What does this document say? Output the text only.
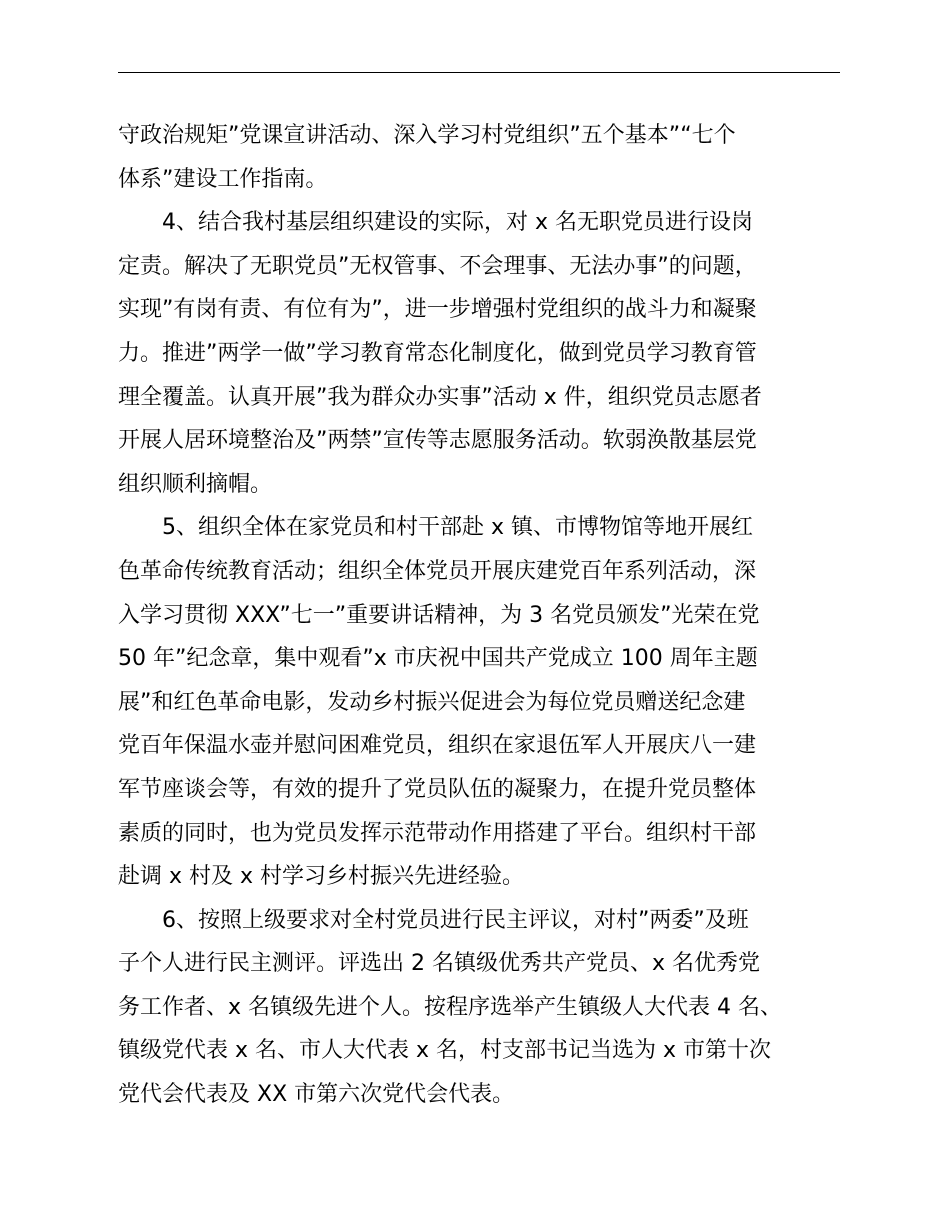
守政治规矩”党课宣讲活动、深入学习村党组织”五个基本”“七个
体系”建设工作指南。
　　4、结合我村基层组织建设的实际，对 x 名无职党员进行设岗
定责。解决了无职党员”无权管事、不会理事、无法办事”的问题，
实现”有岗有责、有位有为”，进一步增强村党组织的战斗力和凝聚
力。推进”两学一做”学习教育常态化制度化，做到党员学习教育管
理全覆盖。认真开展”我为群众办实事”活动 x 件，组织党员志愿者
开展人居环境整治及”两禁”宣传等志愿服务活动。软弱涣散基层党
组织顺利摘帽。
　　5、组织全体在家党员和村干部赴 x 镇、市博物馆等地开展红
色革命传统教育活动；组织全体党员开展庆建党百年系列活动，深
入学习贯彻 XXX”七一”重要讲话精神，为 3 名党员颁发”光荣在党
50 年”纪念章，集中观看”x 市庆祝中国共产党成立 100 周年主题
展”和红色革命电影，发动乡村振兴促进会为每位党员赠送纪念建
党百年保温水壶并慰问困难党员，组织在家退伍军人开展庆八一建
军节座谈会等，有效的提升了党员队伍的凝聚力，在提升党员整体
素质的同时，也为党员发挥示范带动作用搭建了平台。组织村干部
赴调 x 村及 x 村学习乡村振兴先进经验。
　　6、按照上级要求对全村党员进行民主评议，对村”两委”及班
子个人进行民主测评。评选出 2 名镇级优秀共产党员、x 名优秀党
务工作者、x 名镇级先进个人。按程序选举产生镇级人大代表 4 名、
镇级党代表 x 名、市人大代表 x 名，村支部书记当选为 x 市第十次
党代会代表及 XX 市第六次党代会代表。
